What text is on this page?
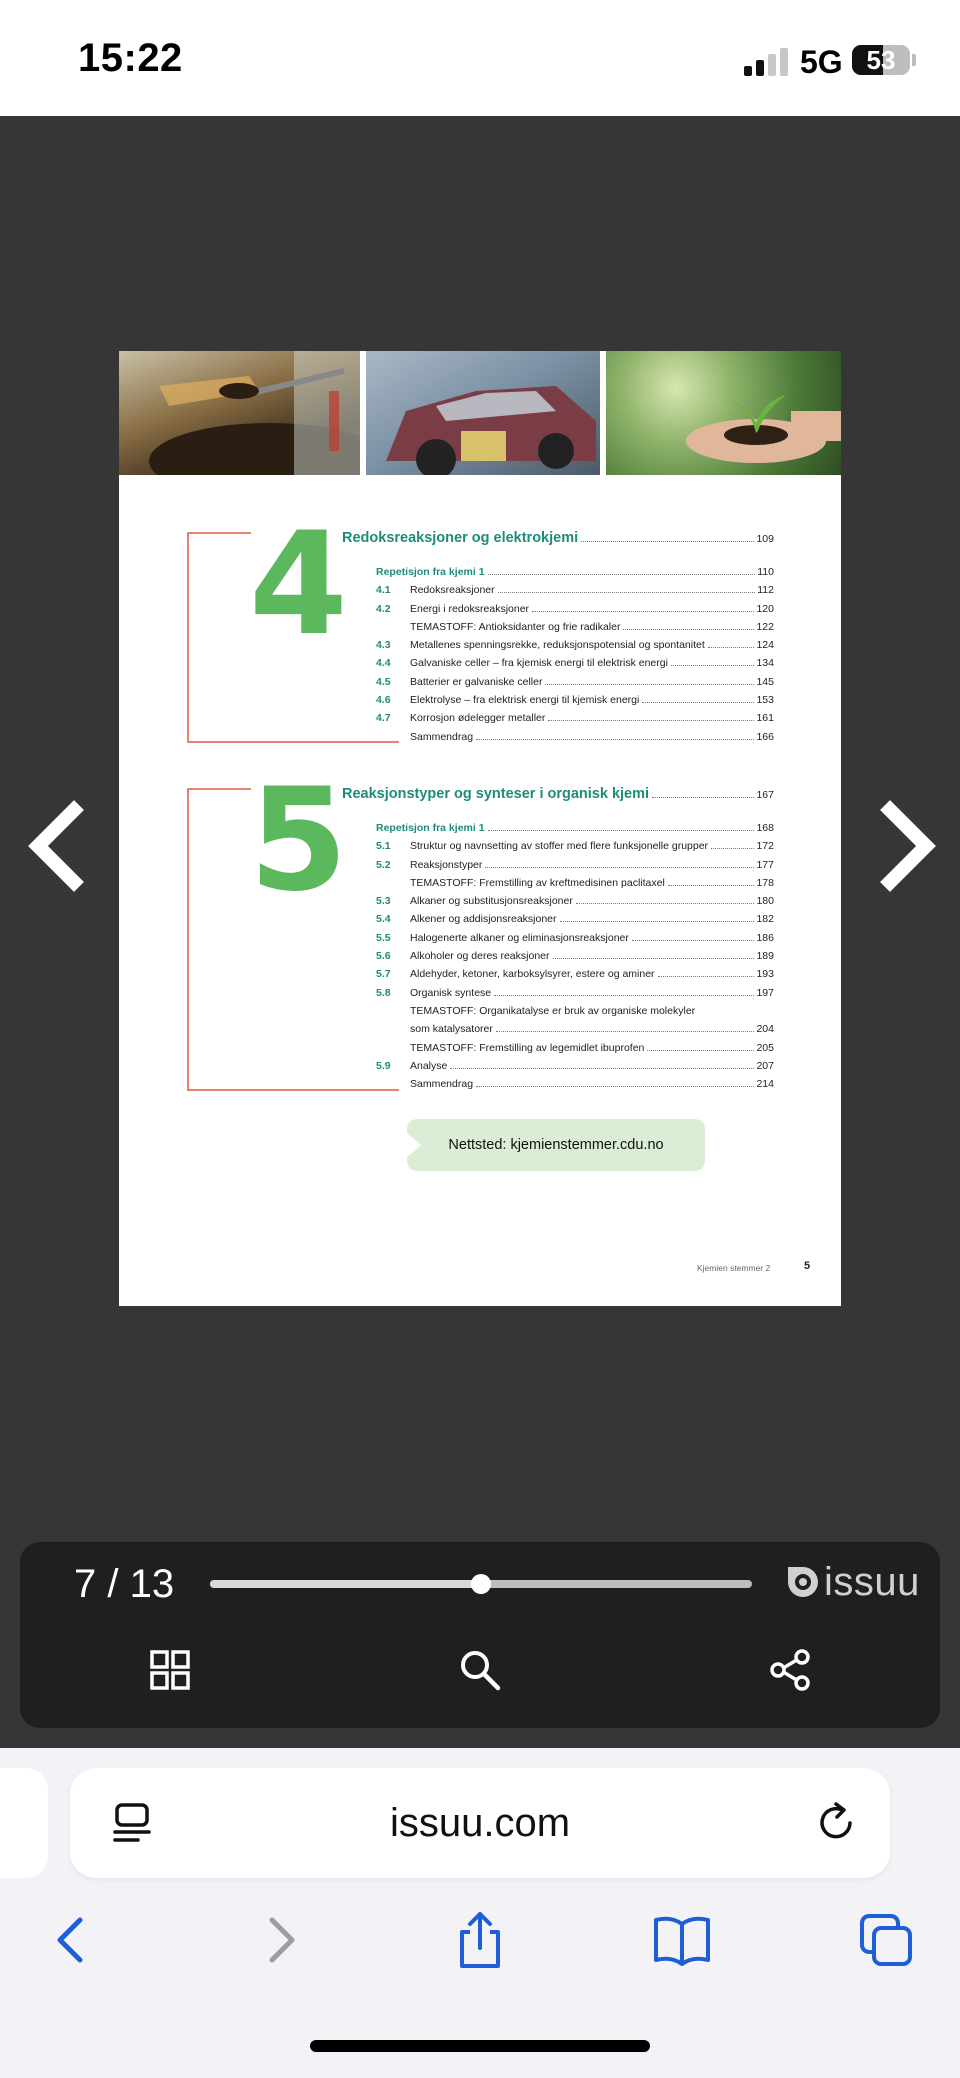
15:22	5G 53
4
Redoksreaksjoner og elektrokjemi	109
Repetisjon fra kjemi 1	110
4.1	Redoksreaksjoner	112
4.2	Energi i redoksreaksjoner	120
TEMASTOFF: Antioksidanter og frie radikaler	122
4.3	Metallenes spenningsrekke, reduksjonspotensial og spontanitet	124
4.4	Galvaniske celler – fra kjemisk energi til elektrisk energi	134
4.5	Batterier er galvaniske celler	145
4.6	Elektrolyse – fra elektrisk energi til kjemisk energi	153
4.7	Korrosjon ødelegger metaller	161
Sammendrag	166
5
Reaksjonstyper og synteser i organisk kjemi	167
Repetisjon fra kjemi 1	168
5.1	Struktur og navnsetting av stoffer med flere funksjonelle grupper	172
5.2	Reaksjonstyper	177
TEMASTOFF: Fremstilling av kreftmedisinen paclitaxel	178
5.3	Alkaner og substitusjonsreaksjoner	180
5.4	Alkener og addisjonsreaksjoner	182
5.5	Halogenerte alkaner og eliminasjonsreaksjoner	186
5.6	Alkoholer og deres reaksjoner	189
5.7	Aldehyder, ketoner, karboksylsyrer, estere og aminer	193
5.8	Organisk syntese	197
TEMASTOFF: Organikatalyse er bruk av organiske molekyler
som katalysatorer	204
TEMASTOFF: Fremstilling av legemidlet ibuprofen	205
5.9	Analyse	207
Sammendrag	214
Nettsted: kjemienstemmer.cdu.no
Kjemien stemmer 2	5
7 / 13	issuu
issuu.com
